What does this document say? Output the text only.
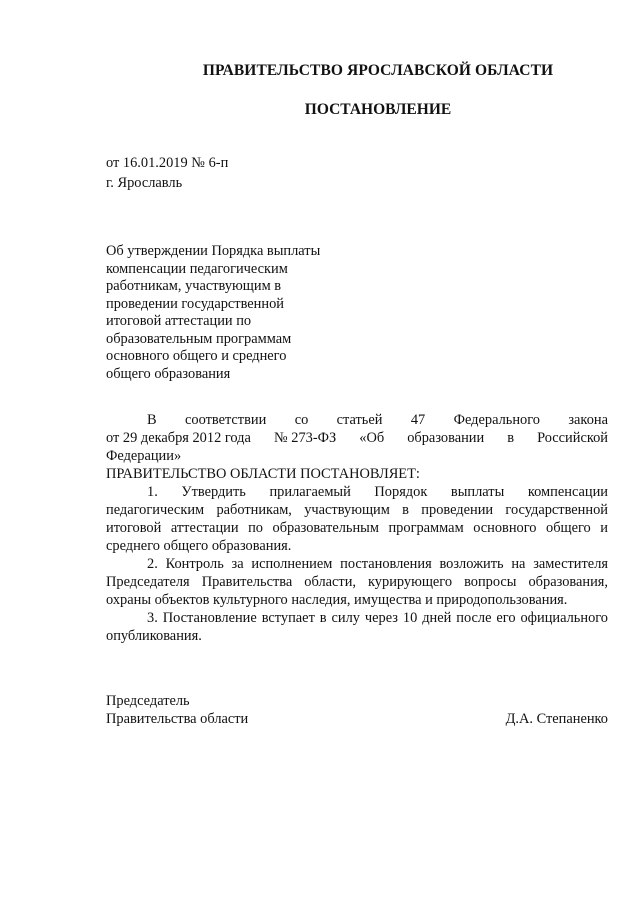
ПРАВИТЕЛЬСТВО ЯРОСЛАВСКОЙ ОБЛАСТИ
ПОСТАНОВЛЕНИЕ
от 16.01.2019 № 6-п
г. Ярославль
Об утверждении Порядка выплаты
компенсации педагогическим
работникам, участвующим в
проведении государственной
итоговой аттестации по
образовательным программам
основного общего и среднего
общего образования
В соответствии со статьей 47 Федерального закона
от 29 декабря 2012 года № 273-ФЗ «Об образовании в Российской
Федерации»
ПРАВИТЕЛЬСТВО ОБЛАСТИ ПОСТАНОВЛЯЕТ:

1. Утвердить прилагаемый Порядок выплаты компенсации педагогическим работникам, участвующим в проведении государственной итоговой аттестации по образовательным программам основного общего и среднего общего образования.

2. Контроль за исполнением постановления возложить на заместителя Председателя Правительства области, курирующего вопросы образования, охраны объектов культурного наследия, имущества и природопользования.

3. Постановление вступает в силу через 10 дней после его официального опубликования.

Председатель
Правительства области	Д.А. Степаненко
